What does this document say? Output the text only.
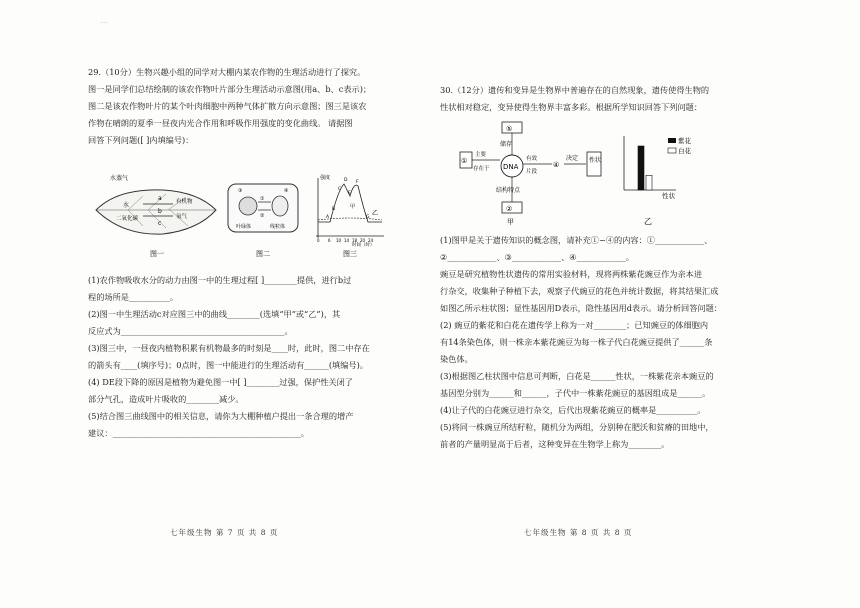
....

29.（10分）生物兴趣小组的同学对大棚内某农作物的生理活动进行了探究。

图一是同学们总结绘制的该农作物叶片部分生理活动示意图(用a、b、c表示)；

图二是该农作物叶片的某个叶肉细胞中两种气体扩散方向示意图；图三是该农

作物在晴朗的夏季一昼夜内光合作用和呼吸作用强度的变化曲线。 请据图

回答下列问题([ ]内填编号)：

水蒸气
水
二氧化碳
有机物
氧气
a
b
c
图一
①
②
③	④
叶绿体	线粒体
图二
强度
甲
乙
时间（时）
A
B
C
D
E
F
G
0 6 10 14 18 20 24
图三

(1)农作物吸收水分的动力由图一中的生理过程[ ]________提供，进行b过

程的场所是__________。

(2)图一中生理活动c对应图三中的曲线________(选填“甲”或“乙”)，其

反应式为________________________________________。

(3)图三中，一昼夜内植物积累有机物最多的时刻是____时，此时，图二中存在

的箭头有____(填序号)；0点时，图一中能进行的生理活动有______(填编号)。

(4) DE段下降的原因是植物为避免图一中[ ]________过强，保护性关闭了

部分气孔，造成叶片吸收的________减少。

(5)结合图三曲线图中的相关信息，请你为大棚种植户提出一条合理的增产

建议：______________________________________________。

七年级生物 第 7 页 共 8 页

30.（12分）遗传和变异是生物界中普遍存在的自然现象，遗传使得生物的

性状相对稳定，变异使得生物界丰富多彩。根据所学知识回答下列问题：

⑤
储存
①
主要
存在于 DNA
有效
片段
④
决定 性状
结构特点
②
甲
紫花
白花
性状
乙

(1)图甲是关于遗传知识的概念图，请补充①~④的内容：①____________、

②____________、③____________、④____________。

豌豆是研究植物性状遗传的常用实验材料，现将两株紫花豌豆作为亲本进

行杂交，收集种子种植下去，观察子代豌豆的花色并统计数据，将其结果汇成

如图乙所示柱状图；显性基因用D表示，隐性基因用d表示。请分析回答问题：

(2) 豌豆的紫花和白花在遗传学上称为一对________；已知豌豆的体细胞内

有14条染色体，则一株亲本紫花豌豆为每一株子代白花豌豆提供了______条

染色体。

(3)根据图乙柱状图中信息可判断，白花是______性状，一株紫花亲本豌豆的

基因型分别为______和______，子代中一株紫花豌豆的基因组成是______。

(4)让子代的白花豌豆进行杂交，后代出现紫花豌豆的概率是__________。

(5)将同一株豌豆所结籽粒，随机分为两组，分别种在肥沃和贫瘠的田地中，

前者的产量明显高于后者，这种变异在生物学上称为________。

七年级生物 第 8 页 共 8 页
